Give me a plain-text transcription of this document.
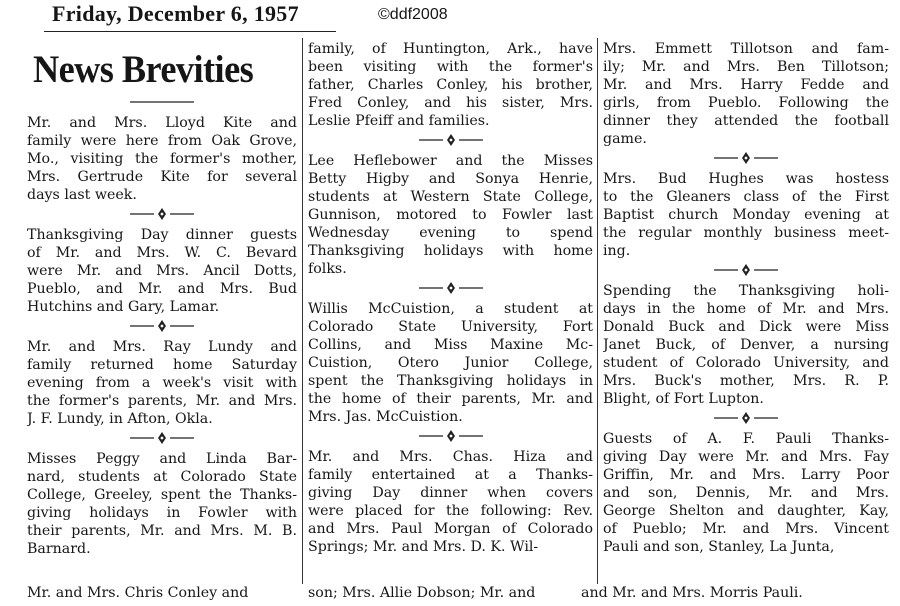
Friday, December 6, 1957	©ddf2008
News Brevities
Mr. and Mrs. Lloyd Kite and
family were here from Oak Grove,
Mo., visiting the former's mother,
Mrs. Gertrude Kite for several
days last week.
Thanksgiving Day dinner guests
of Mr. and Mrs. W. C. Bevard
were Mr. and Mrs. Ancil Dotts,
Pueblo, and Mr. and Mrs. Bud
Hutchins and Gary, Lamar.
Mr. and Mrs. Ray Lundy and
family returned home Saturday
evening from a week's visit with
the former's parents, Mr. and Mrs.
J. F. Lundy, in Afton, Okla.
Misses Peggy and Linda Bar-
nard, students at Colorado State
College, Greeley, spent the Thanks-
giving holidays in Fowler with
their parents, Mr. and Mrs. M. B.
Barnard.
family, of Huntington, Ark., have
been visiting with the former's
father, Charles Conley, his brother,
Fred Conley, and his sister, Mrs.
Leslie Pfeiff and families.
Lee Heflebower and the Misses
Betty Higby and Sonya Henrie,
students at Western State College,
Gunnison, motored to Fowler last
Wednesday evening to spend
Thanksgiving holidays with home
folks.
Willis McCuistion, a student at
Colorado State University, Fort
Collins, and Miss Maxine Mc-
Cuistion, Otero Junior College,
spent the Thanksgiving holidays in
the home of their parents, Mr. and
Mrs. Jas. McCuistion.
Mr. and Mrs. Chas. Hiza and
family entertained at a Thanks-
giving Day dinner when covers
were placed for the following: Rev.
and Mrs. Paul Morgan of Colorado
Springs; Mr. and Mrs. D. K. Wil-
Mrs. Emmett Tillotson and fam-
ily; Mr. and Mrs. Ben Tillotson;
Mr. and Mrs. Harry Fedde and
girls, from Pueblo. Following the
dinner they attended the football
game.
Mrs. Bud Hughes was hostess
to the Gleaners class of the First
Baptist church Monday evening at
the regular monthly business meet-
ing.
Spending the Thanksgiving holi-
days in the home of Mr. and Mrs.
Donald Buck and Dick were Miss
Janet Buck, of Denver, a nursing
student of Colorado University, and
Mrs. Buck's mother, Mrs. R. P.
Blight, of Fort Lupton.
Guests of A. F. Pauli Thanks-
giving Day were Mr. and Mrs. Fay
Griffin, Mr. and Mrs. Larry Poor
and son, Dennis, Mr. and Mrs.
George Shelton and daughter, Kay,
of Pueblo; Mr. and Mrs. Vincent
Pauli and son, Stanley, La Junta,
Mr. and Mrs. Chris Conley and	son; Mrs. Allie Dobson; Mr. and	and Mr. and Mrs. Morris Pauli.
